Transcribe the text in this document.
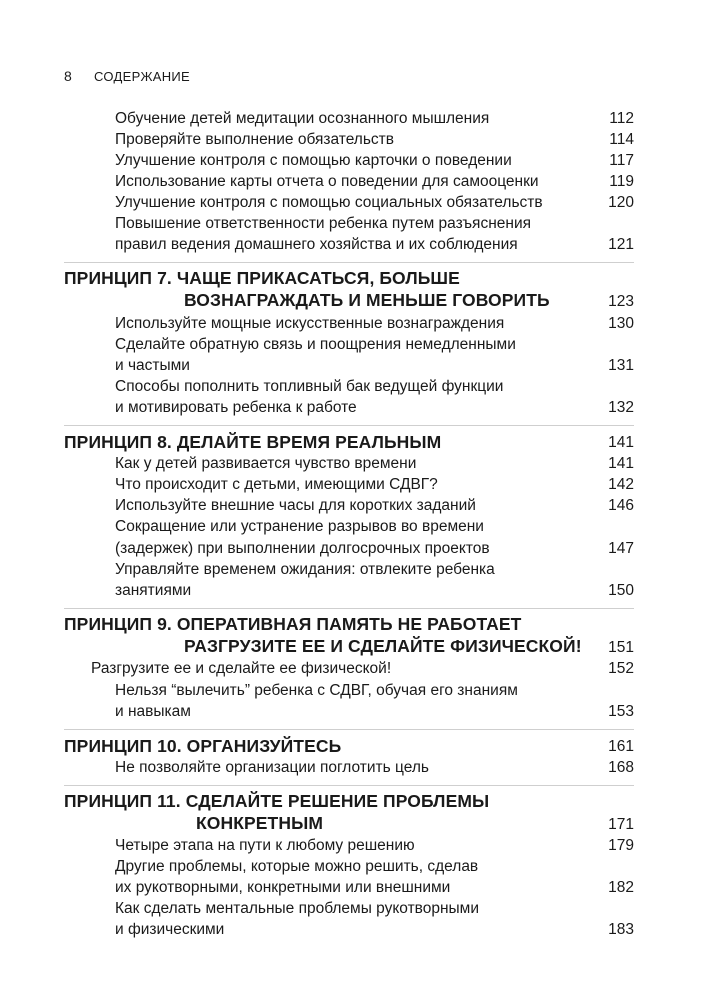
8 СОДЕРЖАНИЕ
Обучение детей медитации осознанного мышления	112
Проверяйте выполнение обязательств	114
Улучшение контроля с помощью карточки о поведении	117
Использование карты отчета о поведении для самооценки	119
Улучшение контроля с помощью социальных обязательств	120
Повышение ответственности ребенка путем разъяснения
правил ведения домашнего хозяйства и их соблюдения	121
ПРИНЦИП 7. ЧАЩЕ ПРИКАСАТЬСЯ, БОЛЬШЕ
ВОЗНАГРАЖДАТЬ И МЕНЬШЕ ГОВОРИТЬ	123
Используйте мощные искусственные вознаграждения	130
Сделайте обратную связь и поощрения немедленными
и частыми	131
Способы пополнить топливный бак ведущей функции
и мотивировать ребенка к работе	132
ПРИНЦИП 8. ДЕЛАЙТЕ ВРЕМЯ РЕАЛЬНЫМ	141
Как у детей развивается чувство времени	141
Что происходит с детьми, имеющими СДВГ?	142
Используйте внешние часы для коротких заданий	146
Сокращение или устранение разрывов во времени
(задержек) при выполнении долгосрочных проектов	147
Управляйте временем ожидания: отвлеките ребенка
занятиями	150
ПРИНЦИП 9. ОПЕРАТИВНАЯ ПАМЯТЬ НЕ РАБОТАЕТ
РАЗГРУЗИТЕ ЕЕ И СДЕЛАЙТЕ ФИЗИЧЕСКОЙ!	151
Разгрузите ее и сделайте ее физической!	152
Нельзя “вылечить” ребенка с СДВГ, обучая его знаниям
и навыкам	153
ПРИНЦИП 10. ОРГАНИЗУЙТЕСЬ	161
Не позволяйте организации поглотить цель	168
ПРИНЦИП 11. СДЕЛАЙТЕ РЕШЕНИЕ ПРОБЛЕМЫ
КОНКРЕТНЫМ	171
Четыре этапа на пути к любому решению	179
Другие проблемы, которые можно решить, сделав
их рукотворными, конкретными или внешними	182
Как сделать ментальные проблемы рукотворными
и физическими	183
